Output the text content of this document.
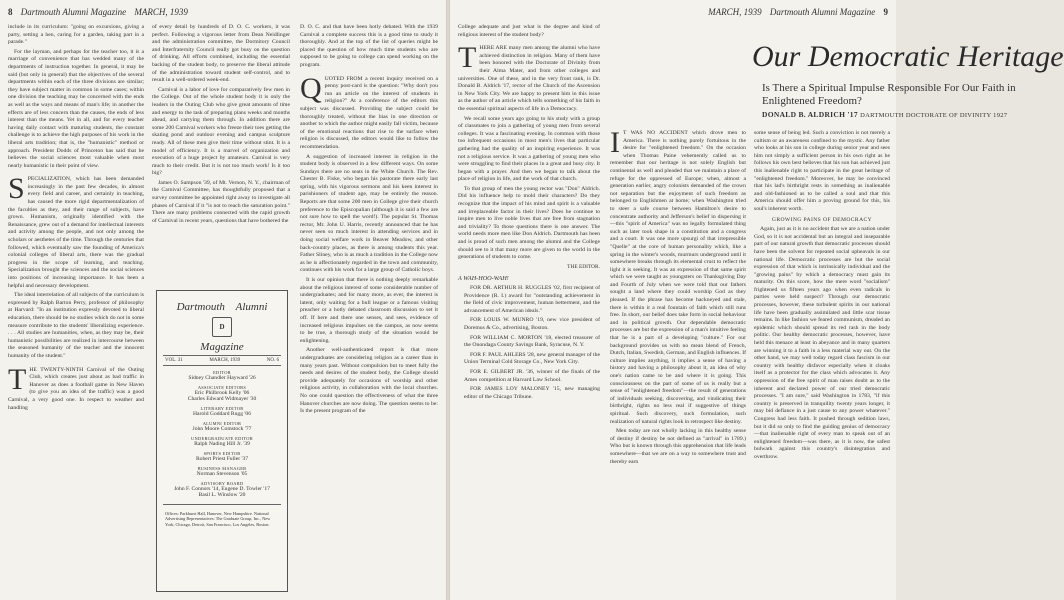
8 Dartmouth Alumni Magazine MARCH, 1939

include in its curriculum: "going on excursions, giving a party, setting a hen, caring for a garden, taking part in a parade."

For the layman, and perhaps for the teacher too, it is a marriage of convenience that has wedded many of the departments of instruction together. In general, it may be said (but only in general) that the objectives of the several departments within each of the three divisions are similar; they have subject matter in common in some cases; within one division the teaching may be concerned with the ends as well as the ways and means of man's life; in another the effects are of less concern than the causes, the ends of less interest than the means. Yet in all, and for every teacher having daily contact with maturing students, the constant challenge is to achieve the high purposes of his work in the liberal arts tradition; that is, the "humanistic" method or approach. President Dodds of Princeton has said that he believes the social sciences most valuable when most nearly humanistic in their point of view.

SPECIALIZATION, which has been demanded increasingly in the past few decades, in almost every field and career, and certainly in teaching, has caused the more rigid departmentalization of the faculties as they, and their range of subjects, have grown. Humanism, originally identified with the Renaissance, grew out of a demand for intellectual interests and activity among the people, and not only among the scholars or aesthetes of the time. Through the centuries that followed, which eventually saw the founding of America's colonial colleges of liberal arts, there was the gradual progress in the scope of learning, and teaching. Specialization brought the sciences and the social sciences into positions of increasing importance. It has been a helpful and necessary development.

The ideal interrelation of all subjects of the curriculum is expressed by Ralph Barton Perry, professor of philosophy at Harvard: "In an institution expressly devoted to liberal education, there should be no studies which do not in some measure contribute to the students' liberalizing experience. . . . All studies are humanities, when, as they may be, their humanistic possibilities are realized in intercourse between the seasoned humanity of the teacher and the innocent humanity of the student."

THE TWENTY-NINTH Carnival of the Outing Club, which creates just about as bad traffic in Hanover as does a football game in New Haven (to give you an idea of the traffic) was a good Carnival, a very good one. In respect to weather and handling

of every detail by hundreds of D. O. C. workers, it was perfect. Following a vigorous letter from Dean Neidlinger and the administration committee, the Dormitory Council and Interfraternity Council really got busy on the question of drinking. All efforts combined, including the essential backing of the student body, to preserve the liberal attitude of the administration toward student self-control, and to result in a well-ordered week-end.

Carnival is a labor of love for comparatively few men in the College. Out of the whole student body it is only the leaders in the Outing Club who give great amounts of time and energy to the task of preparing plans weeks and months ahead, and carrying them through. In addition there are some 200 Carnival workers who freeze their toes getting the skating pond and outdoor evening and campus sculpture ready. All of these men give their time without stint. It is a model of efficiency. It is a marvel of organization and execution of a huge project by amateurs. Carnival is very much to their credit. But it is not too much work! Is it too big?

James O. Sampson '39, of Mt. Vernon, N. Y., chairman of the Carnival Committee, has thoughtfully proposed that a survey committee be appointed right away to investigate all phases of Carnival if it "is not to reach the saturation point." There are many problems connected with the rapid growth of Carnival in recent years, questions that have bothered the

Dartmouth Alumni
D
Magazine
VOL. 31	MARCH, 1939	NO. 6
EDITOR
Sidney Chandler Hayward '26
ASSOCIATE EDITORS
Eric Philbrook Kelly '06
Charles Edward Widmayer '30
LITERARY EDITOR
Harold Goddard Rugg '06
ALUMNI EDITOR
John Moore Comstock '77
UNDERGRADUATE EDITOR
Ralph Nading Hill Jr. '39
SPORTS EDITOR
Robert Priest Fuller '37
BUSINESS MANAGER
Norman Stevenson '05
ADVISORY BOARD
John F. Connors '14, Eugene D. Towler '17
Basil L. Winslow '20
Offices: Parkhurst Hall, Hanover, New Hampshire. National Advertising Representatives: The Graduate Group, Inc., New York, Chicago, Detroit, San Francisco, Los Angeles, Boston.

D. O. C. and that have been hotly debated. With the 1939 Carnival a complete success this is a good time to study it thoroughly. And at the top of the list of queries might be placed the question of how much time students who are supposed to be going to college can spend working on the program.

QUOTED FROM a recent inquiry received on a penny post-card is the question: "Why don't you run an article on the interest of students in religion?" At a conference of the editors this subject was discussed. Providing the subject could be thoroughly treated, without the bias in one direction or another to which the author might easily fall victim, because of the emotional reactions that rise to the surface when religion is discussed, the editors would like to follow the recommendation.

A suggestion of increased interest in religion in the student body is observed in a few different ways. On some Sundays there are no seats in the White Church. The Rev. Chester B. Fiske, who began his pastorate there early last spring, with his vigorous sermons and his keen interest in parishioners of student age, may be entirely the reason. Reports are that some 200 men in College give their church preference to the Episcopalian (although it is said a few are not sure how to spell the word!). The popular St. Thomas rector, Mr. John U. Harris, recently announced that he has never seen so much interest in attending services and in doing social welfare work in Beaver Meadow, and other back-country places, as there is among students this year. Father Sliney, who is as much a tradition in the College now as he is affectionately regarded in the town and community, continues with his work for a large group of Catholic boys.

It is our opinion that there is nothing deeply remarkable about the religious interest of some considerable number of undergraduates; and for many more, as ever, the interest is latent, only waiting for a bull league or a famous visiting preacher or a hotly debated classroom discussion to set it off. If here and there one senses, and sees, evidence of increased religious impulses on the campus, as now seems to be true, a thorough study of the situation would be enlightening.

Another well-authenticated report is that more undergraduates are considering religion as a career than in many years past. Without compulsion but to meet fully the needs and desires of the student body, the College should provide adequately for occasions of worship and other religious activity, in collaboration with the local churches. No one could question the effectiveness of what the three Hanover churches are now doing. The question seems to be: Is the present program of the

MARCH, 1939 Dartmouth Alumni Magazine 9

College adequate and just what is the degree and kind of religious interest of the student body?

THERE ARE many men among the alumni who have achieved distinction in religion. Many of them have been honored with the Doctorate of Divinity from their Alma Mater, and from other colleges and universities. One of these, and in the very front rank, is Dr. Donald B. Aldrich '17, rector of the Church of the Ascension in New York City. We are happy to present him in this issue as the author of an article which tells something of his faith in the essential spiritual aspects of life in a Democracy.

We recall some years ago going to his study with a group of classmates to join a gathering of young men from several colleges. It was a fascinating evening. In common with those too infrequent occasions in most men's lives that particular gathering had the quality of an inspiring experience. It was not a religious service. It was a gathering of young men who were struggling to find their places in a great and busy city. It began with a prayer. And then we began to talk about the place of religion in life, and the work of that church.

To that group of men the young rector was "Don" Aldrich. Did his influence help to mold their characters? Do they recognize that the impact of his mind and spirit is a valuable and irreplaceable factor in their lives? Does he continue to inspire men to live noble lives that are free from stagnation and triviality? To those questions there is one answer. The world needs more men like Don Aldrich. Dartmouth has been and is proud of such men among the alumni and the College should see to it that many more are given to the world in the generations of students to come.

THE EDITOR.
A WAH-HOO-WAH!

FOR DR. ARTHUR H. RUGGLES '02, first recipient of Providence (R. I.) award for "outstanding achievement in the field of civic improvement, human betterment, and the advancement of American ideals."

FOR LOUIS W. MUNRO '19, new vice president of Doremus & Co., advertising, Boston.

FOR WILLIAM C. MORTON '18, elected treasurer of the Onondaga County Savings Bank, Syracuse, N. Y.

FOR F. PAUL AHLERS '28, new general manager of the Union Terminal Cold Storage Co., New York City.

FOR E. GILBERT JR. '36, winner of the finals of the Ames competition at Harvard Law School.

FOR JAMES LOY MALONEY '15, new managing editor of the Chicago Tribune.

Our Democratic Heritage
Is There a Spiritual Impulse Responsible For Our Faith in Enlightened Freedom?
DONALD B. ALDRICH '17 DARTMOUTH DOCTORATE OF DIVINITY 1927

I T WAS NO ACCIDENT which drove men to America. There is nothing purely fortuitous in the desire for "enlightened freedom." On the occasion when Thomas Paine vehemently called us to remember that our heritage is not solely English but continental as well and pleaded that we maintain a place of refuge for the oppressed of Europe; when, almost a generation earlier, angry colonists demanded of the crown not separation but the enjoyment of such freedom as belonged to Englishmen at home; when Washington tried to steer a safe course between Hamilton's desire to concentrate authority and Jefferson's belief in dispersing it—this "spirit of America" was no legally formulated thing such as later took shape in a constitution and a congress and a court. It was one more upsurgi of that irrepressible "Quelle" at the core of human personality which, like a spring in the winter's woods, murmurs underground until it somewhere breaks through its elemental crust to reflect the light it is seeking. It was an expression of that same spirit which we were taught as youngsters on Thanksgiving Day and Fourth of July when we were told that our fathers sought a land where they could worship God as they pleased. If the phrase has become hackneyed and stale, there is within it a real fountain of faith which still runs free. In short, our belief does take form in social behaviour and in political growth. Our dependable democratic processes are but the expression of a man's intuitive feeling that he is a part of a developing "culture." For our background provides us with no mean blend of French, Dutch, Italian, Swedish, German, and English influences. If culture implies anything, it implies a sense of having a history and having a philosophy about it, an idea of why one's nation came to be and where it is going. This consciousness on the part of some of us is really but a sense of "enlightened freedom"—the result of generations of individuals seeking, discovering, and vindicating their birthright, rights no less real if suggestive of things spiritual. Such discovery, such formulation, such realization of natural rights look in retrospect like destiny.

Men today are not wholly lacking in this healthy sense of destiny if destiny be not defined as "arrival" in 1789.) Who but is known through this apprehension that life leads somewhere—that we are on a way to somewhere trust and thereby earn

some sense of being led. Such a conviction is not merely a cultism or an awareness confined to the mystic. Any father who looks at his son in college during senior year and sees him not simply a sufficient person in his own right as he follows his own best believes that his son has achieved just this inalienable right to participate in the great heritage of "enlightened freedom." Moreover, he may be convinced that his lad's birthright rests in something as inalienable and old-fashioned as to be called a soul and that this America should offer him a proving ground for this, his soul's inherent worth.

GROWING PAINS OF DEMOCRACY

Again, just as it is no accident that we are a nation under God, so it is not accidental but an integral and inseparable part of our natural growth that democratic processes should have been the solvent for repeated social upheavals in our national life. Democratic processes are but the social expression of that which is intrinsically individual and the "growing pains" by which a democracy must gain its maturity. On this score, how the mere word "socialism" frightened us fifteen years ago when even radicals in parties were held suspect? Through our democratic processes, however, these turbulent spirits in our national life have been gradually assimilated and little scar tissue remains. In like fashion we feared communism, dreaded an epidemic which should spread its red rash in the body politic. Our healthy democratic processes, however, have held this menace at least in abeyance and in many quarters are winning it to a faith in a less material way out. On the other hand, we may well today regard class fascism in our country with healthy disfavor especially when it cloaks itself as a protector for the class which advocates it. Any oppression of the free spirit of man raises doubt as to the inherent and declared power of our tried democratic processes. "I am sure," said Washington in 1783, "if this country is preserved in tranquility twenty years longer, it may bid defiance in a just cause to any power whatever." Congress had less faith. It pushed through sedition laws, but it did so only to find the guiding genius of democracy—that inalienable right of every man to speak out of an enlightened freedom—was there, as it is now, the safest bulwark against this country's disintegration and overthrow.
